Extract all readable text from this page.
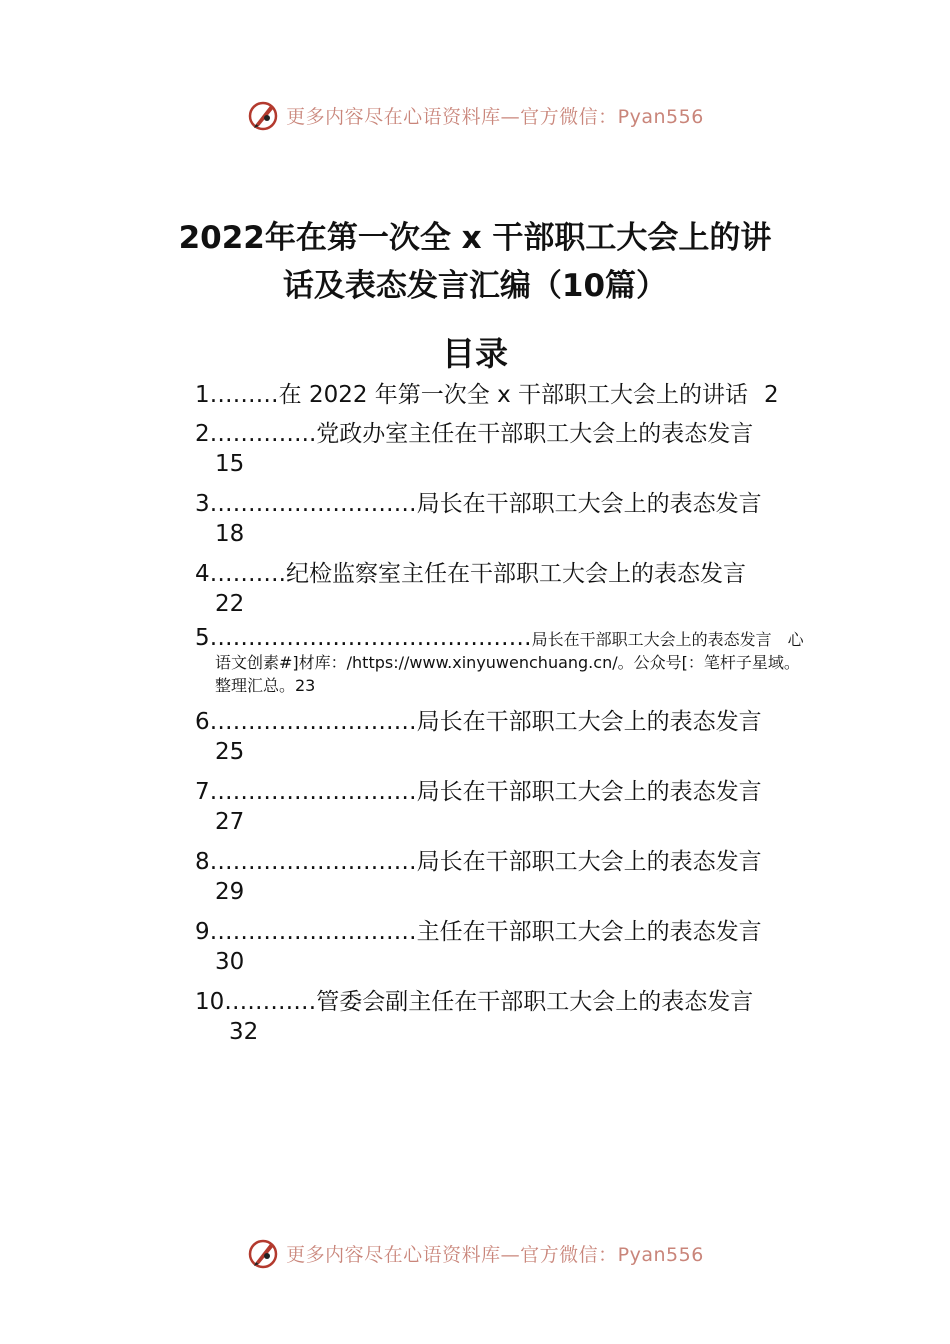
更多内容尽在心语资料库—官方微信：Pyan556
2022年在第一次全 x 干部职工大会上的讲
话及表态发言汇编（10篇）
目录
1………在 2022 年第一次全 x 干部职工大会上的讲话 2
2…………..党政办室主任在干部职工大会上的表态发言
15
3………………………局长在干部职工大会上的表态发言
18
4……….纪检监察室主任在干部职工大会上的表态发言
22
5……………………………………局长在干部职工大会上的表态发言　心
语文创素#]材库：/https://www.xinyuwenchuang.cn/。公众号[：笔杆子星域。
整理汇总。23
6………………………局长在干部职工大会上的表态发言
25
7………………………局长在干部职工大会上的表态发言
27
8………………………局长在干部职工大会上的表态发言
29
9………………………主任在干部职工大会上的表态发言
30
10…………管委会副主任在干部职工大会上的表态发言
32
更多内容尽在心语资料库—官方微信：Pyan556
